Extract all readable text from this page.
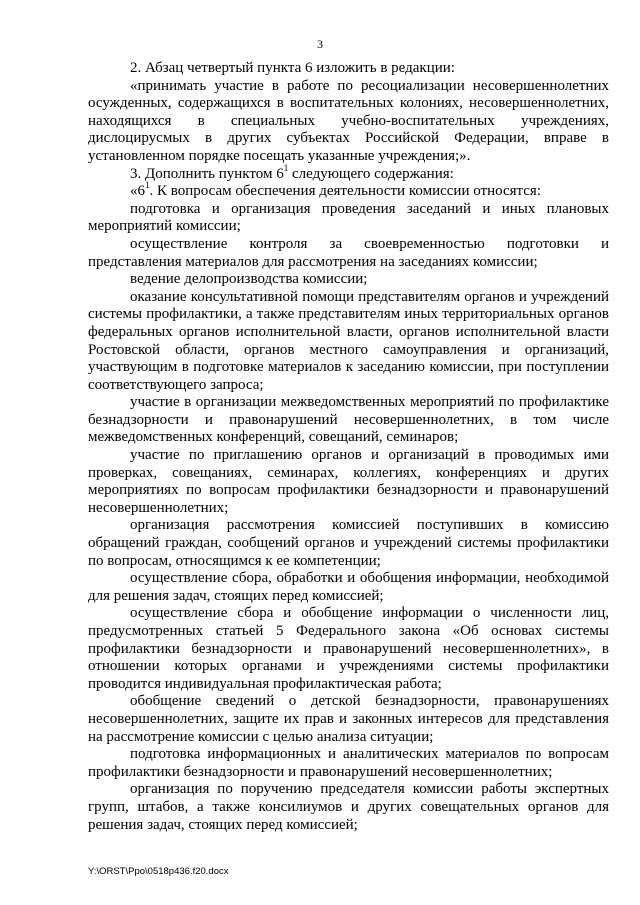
3

2. Абзац четвертый пункта 6 изложить в редакции:

«принимать участие в работе по ресоциализации несовершеннолетних осужденных, содержащихся в воспитательных колониях, несовершеннолетних, находящихся в специальных учебно-воспитательных учреждениях, дислоцирусмых в других субъектах Российской Федерации, вправе в установленном порядке посещать указанные учреждения;».

3. Дополнить пунктом $6^1$ следующего содержания:

«$6^1$. К вопросам обеспечения деятельности комиссии относятся:

подготовка и организация проведения заседаний и иных плановых мероприятий комиссии;

осуществление контроля за своевременностью подготовки и представления материалов для рассмотрения на заседаниях комиссии;

ведение делопроизводства комиссии;

оказание консультативной помощи представителям органов и учреждений системы профилактики, а также представителям иных территориальных органов федеральных органов исполнительной власти, органов исполнительной власти Ростовской области, органов местного самоуправления и организаций, участвующим в подготовке материалов к заседанию комиссии, при поступлении соответствующего запроса;

участие в организации межведомственных мероприятий по профилактике безнадзорности и правонарушений несовершеннолетних, в том числе межведомственных конференций, совещаний, семинаров;

участие по приглашению органов и организаций в проводимых ими проверках, совещаниях, семинарах, коллегиях, конференциях и других мероприятиях по вопросам профилактики безнадзорности и правонарушений несовершеннолетних;

организация рассмотрения комиссией поступивших в комиссию обращений граждан, сообщений органов и учреждений системы профилактики по вопросам, относящимся к ее компетенции;

осуществление сбора, обработки и обобщения информации, необходимой для решения задач, стоящих перед комиссией;

осуществление сбора и обобщение информации о численности лиц, предусмотренных статьей 5 Федерального закона «Об основах системы профилактики безнадзорности и правонарушений несовершеннолетних», в отношении которых органами и учреждениями системы профилактики проводится индивидуальная профилактическая работа;

обобщение сведений о детской безнадзорности, правонарушениях несовершеннолетних, защите их прав и законных интересов для представления на рассмотрение комиссии с целью анализа ситуации;

подготовка информационных и аналитических материалов по вопросам профилактики безнадзорности и правонарушений несовершеннолетних;

организация по поручению председателя комиссии работы экспертных групп, штабов, а также консилиумов и других совещательных органов для решения задач, стоящих перед комиссией;

Y:\ORST\Ppo\0518p436.f20.docx
